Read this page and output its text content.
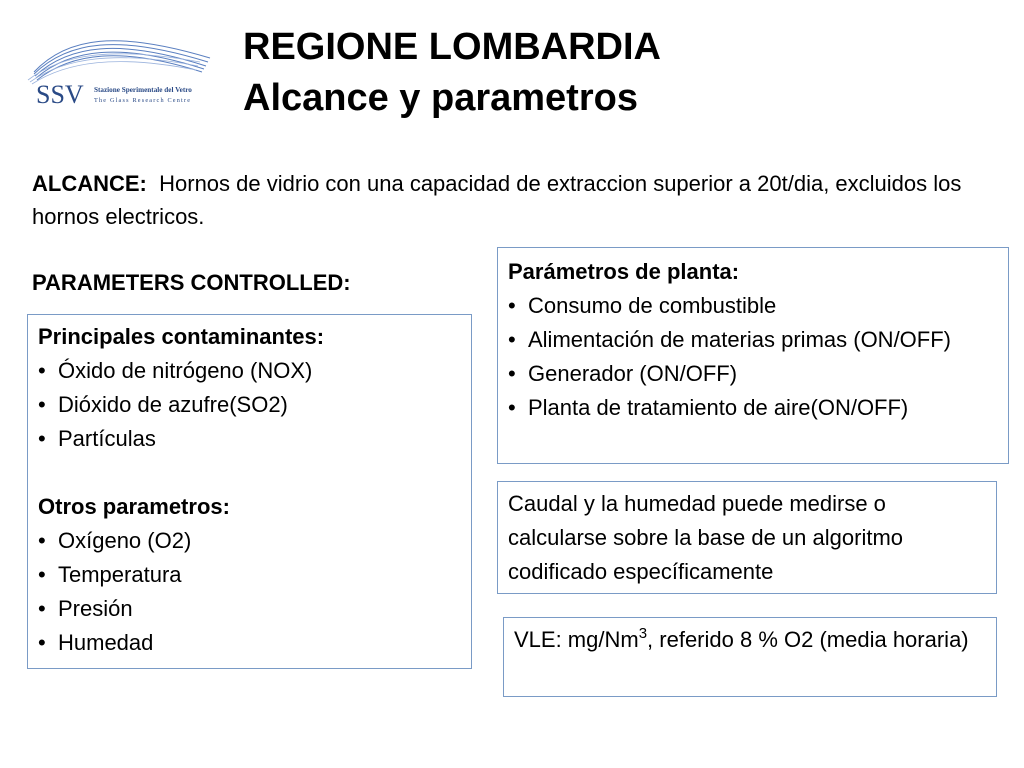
SSV Stazione Sperimentale del Vetro
The Glass Research Centre
REGIONE LOMBARDIA
Alcance y parametros
ALCANCE: Hornos de vidrio con una capacidad de extraccion superior a 20t/dia, excluidos los hornos electricos.
PARAMETERS CONTROLLED:
Principales contaminantes:
• Óxido de nitrógeno (NOX)
• Dióxido de azufre(SO2)
• Partículas
Otros parametros:
• Oxígeno (O2)
• Temperatura
• Presión
• Humedad
Parámetros de planta:
• Consumo de combustible
• Alimentación de materias primas (ON/OFF)
• Generador (ON/OFF)
• Planta de tratamiento de aire(ON/OFF)
Caudal y la humedad puede medirse o calcularse sobre la base de un algoritmo codificado específicamente
VLE: mg/Nm$^3$, referido 8 % O2 (media horaria)
